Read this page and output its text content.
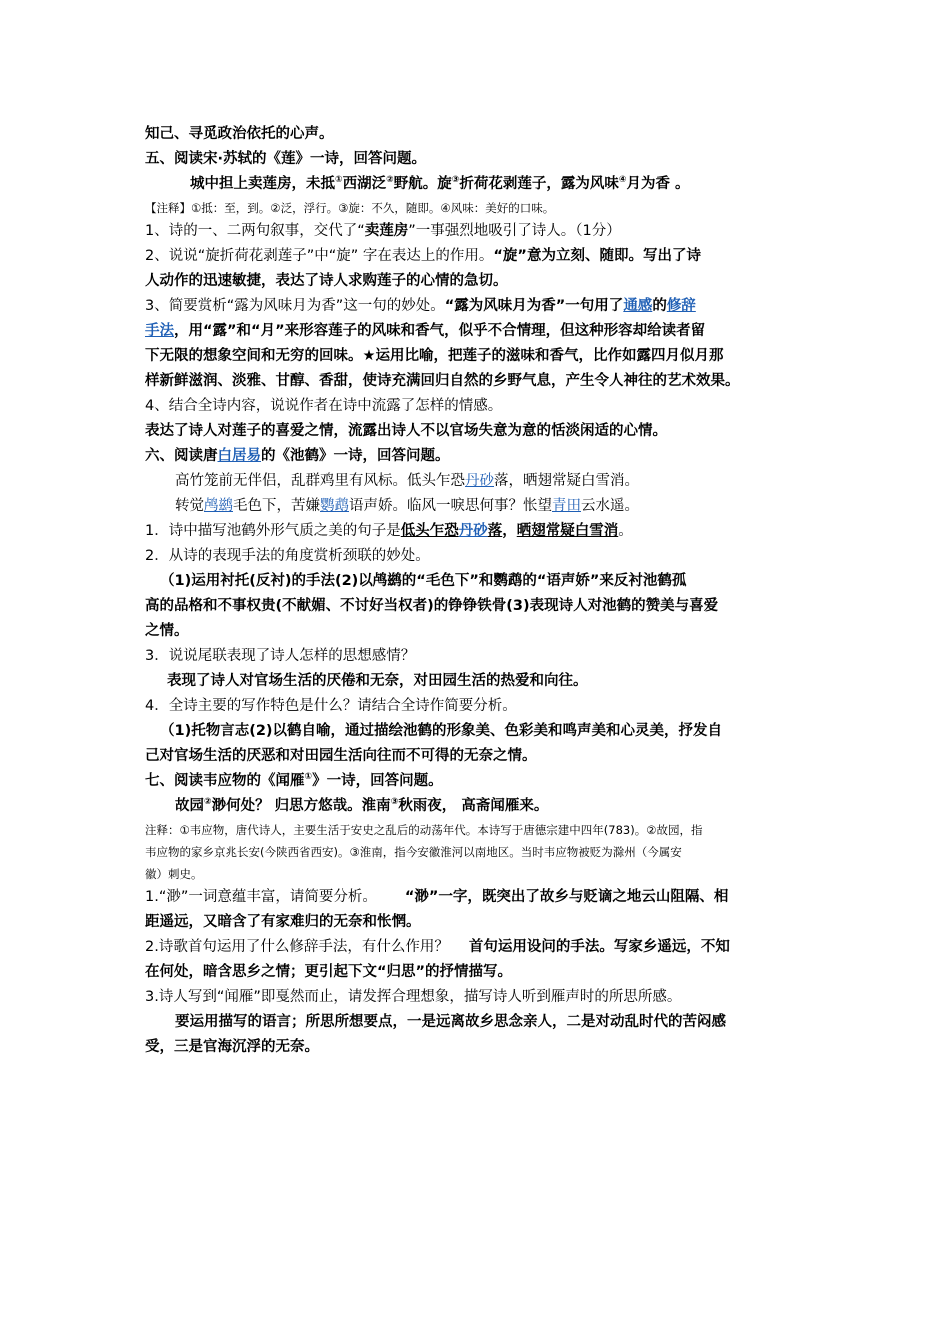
知己、寻觅政治依托的心声。
五、阅读宋·苏轼的《莲》一诗，回答问题。
城中担上卖莲房，未抵①西湖泛②野航。旋③折荷花剥莲子，露为风味④月为香 。
【注释】①抵：至，到。②泛，浮行。③旋：不久，随即。④风味：美好的口味。
1、诗的一、二两句叙事，交代了“卖莲房”一事强烈地吸引了诗人。（1分）
2、说说“旋折荷花剥莲子”中“旋” 字在表达上的作用。“旋”意为立刻、随即。写出了诗
人动作的迅速敏捷，表达了诗人求购莲子的心情的急切。
3、简要赏析“露为风味月为香”这一句的妙处。“露为风味月为香”一句用了通感的修辞
手法，用“露”和“月”来形容莲子的风味和香气，似乎不合情理，但这种形容却给读者留
下无限的想象空间和无穷的回味。★运用比喻，把莲子的滋味和香气，比作如露四月似月那
样新鲜滋润、淡雅、甘醇、香甜，使诗充满回归自然的乡野气息，产生令人神往的艺术效果。
4、结合全诗内容，说说作者在诗中流露了怎样的情感。
表达了诗人对莲子的喜爱之情，流露出诗人不以官场失意为意的恬淡闲适的心情。
六、阅读唐白居易的《池鹤》一诗，回答问题。
高竹笼前无伴侣，乱群鸡里有风标。低头乍恐丹砂落，晒翅常疑白雪消。
转觉鸬鹚毛色下，苦嫌鹦鹉语声娇。临风一唳思何事？怅望青田云水遥。
1．诗中描写池鹤外形气质之美的句子是低头乍恐丹砂落，晒翅常疑白雪消。
2．从诗的表现手法的角度赏析颈联的妙处。
（1)运用衬托(反衬)的手法(2)以鸬鹚的“毛色下”和鹦鹉的“语声娇”来反衬池鹤孤
高的品格和不事权贵(不献媚、不讨好当权者)的铮铮铁骨(3)表现诗人对池鹤的赞美与喜爱
之情。
3．说说尾联表现了诗人怎样的思想感情？
表现了诗人对官场生活的厌倦和无奈，对田园生活的热爱和向往。
4．全诗主要的写作特色是什么？请结合全诗作简要分析。
（1)托物言志(2)以鹤自喻，通过描绘池鹤的形象美、色彩美和鸣声美和心灵美，抒发自
己对官场生活的厌恶和对田园生活向往而不可得的无奈之情。
七、阅读韦应物的《闻雁①》一诗，回答问题。
故园②渺何处？ 归思方悠哉。淮南③秋雨夜， 高斋闻雁来。
注释：①韦应物，唐代诗人，主要生活于安史之乱后的动荡年代。本诗写于唐德宗建中四年(783)。②故园，指
韦应物的家乡京兆长安(今陕西省西安)。③淮南，指今安徽淮河以南地区。当时韦应物被贬为滁州（今属安
徽）刺史。
1.“渺”一词意蕴丰富，请简要分析。 “渺”一字，既突出了故乡与贬谪之地云山阻隔、相
距遥远，又暗含了有家难归的无奈和怅惘。
2.诗歌首句运用了什么修辞手法，有什么作用？ 首句运用设问的手法。写家乡遥远，不知
在何处，暗含思乡之情；更引起下文“归思”的抒情描写。
3.诗人写到“闻雁”即戛然而止，请发挥合理想象，描写诗人听到雁声时的所思所感。
要运用描写的语言；所思所想要点，一是远离故乡思念亲人，二是对动乱时代的苦闷感
受，三是官海沉浮的无奈。
